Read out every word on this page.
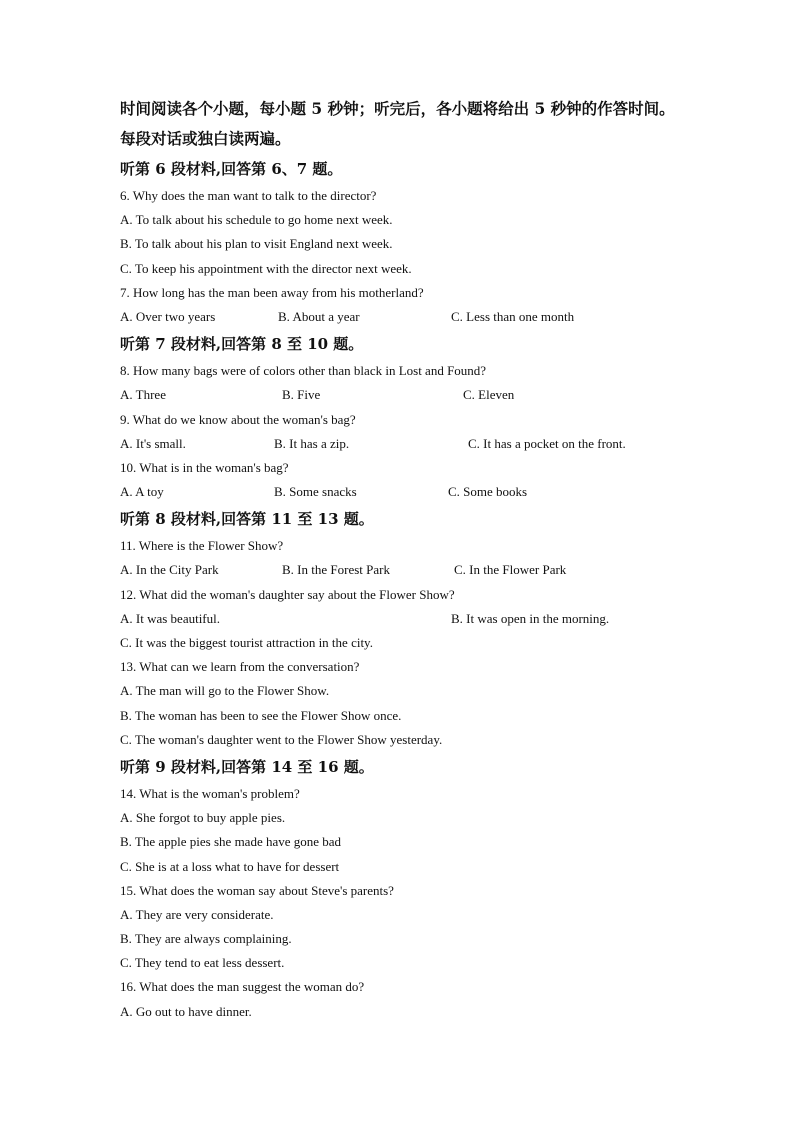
时间阅读各个小题，每小题 5 秒钟；听完后，各小题将给出 5 秒钟的作答时间。

每段对话或独白读两遍。

听第 6 段材料,回答第 6、7 题。

6. Why does the man want to talk to the director?

A. To talk about his schedule to go home next week.

B. To talk about his plan to visit England next week.

C. To keep his appointment with the director next week.

7. How long has the man been away from his motherland?

A. Over two years	B. About a year	C. Less than one month

听第 7 段材料,回答第 8 至 10 题。

8. How many bags were of colors other than black in Lost and Found?

A. Three	B. Five	C. Eleven

9. What do we know about the woman's bag?

A. It's small.	B. It has a zip.	C. It has a pocket on the front.

10. What is in the woman's bag?

A. A toy	B. Some snacks	C. Some books

听第 8 段材料,回答第 11 至 13 题。

11. Where is the Flower Show?

A. In the City Park	B. In the Forest Park	C. In the Flower Park

12. What did the woman's daughter say about the Flower Show?

A. It was beautiful.	B. It was open in the morning.

C. It was the biggest tourist attraction in the city.

13. What can we learn from the conversation?

A. The man will go to the Flower Show.

B. The woman has been to see the Flower Show once.

C. The woman's daughter went to the Flower Show yesterday.

听第 9 段材料,回答第 14 至 16 题。

14. What is the woman's problem?

A. She forgot to buy apple pies.

B. The apple pies she made have gone bad

C. She is at a loss what to have for dessert

15. What does the woman say about Steve's parents?

A. They are very considerate.

B. They are always complaining.

C. They tend to eat less dessert.

16. What does the man suggest the woman do?

A. Go out to have dinner.
